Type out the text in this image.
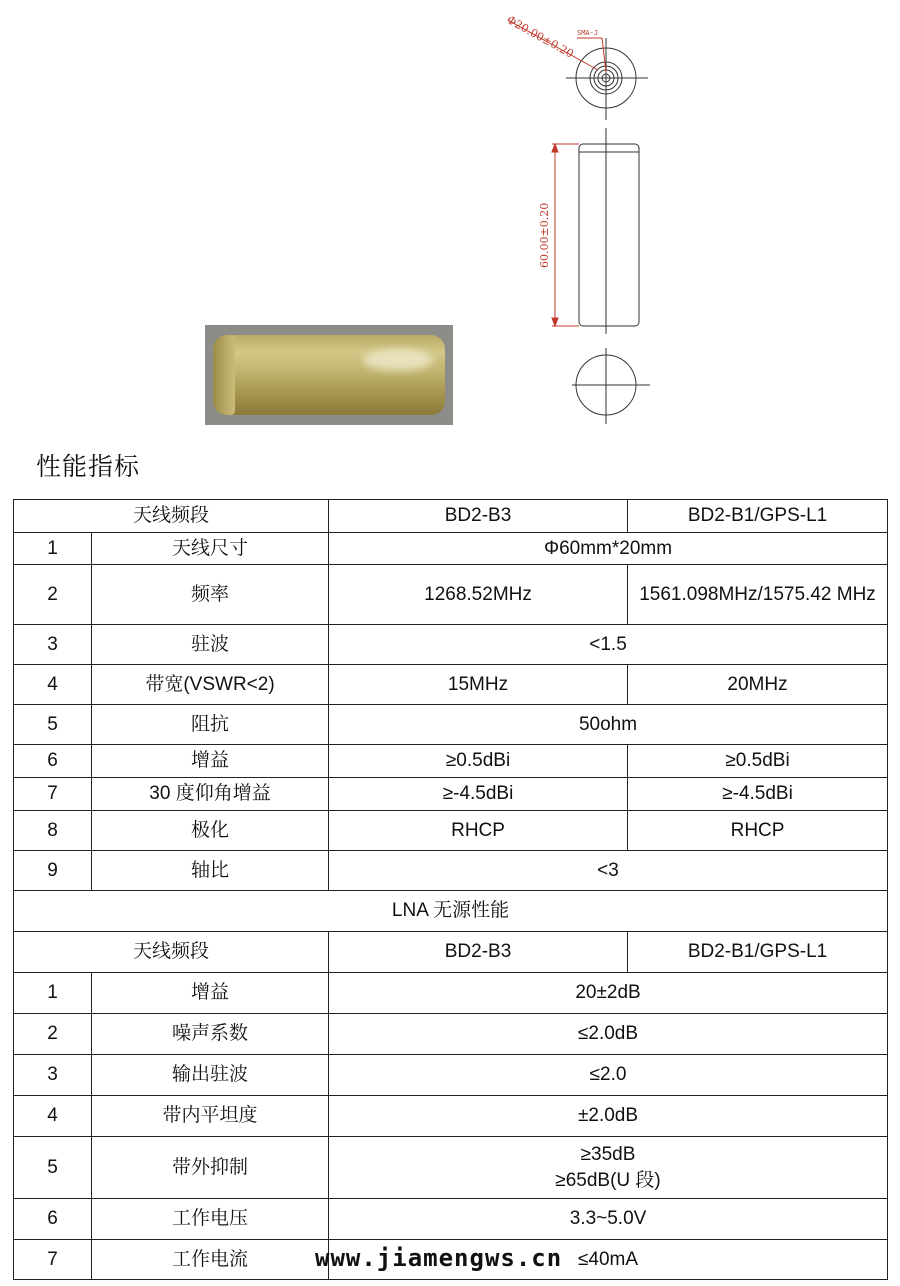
Φ20.00±0.20 SMA-J
60.00±0.20
性能指标
天线频段		BD2-B3	BD2-B1/GPS-L1
1	天线尺寸	Φ60mm*20mm	
2	频率	1268.52MHz	1561.098MHz/1575.42 MHz
3	驻波	<1.5	
4	带宽(VSWR<2)	15MHz	20MHz
5	阻抗	50ohm	
6	增益	≥0.5dBi	≥0.5dBi
7	30 度仰角增益	≥-4.5dBi	≥-4.5dBi
8	极化	RHCP	RHCP
9	轴比	<3	
LNA 无源性能			
天线频段		BD2-B3	BD2-B1/GPS-L1
1	增益	20±2dB	
2	噪声系数	≤2.0dB	
3	输出驻波	≤2.0	
4	带内平坦度	±2.0dB	
5	带外抑制	≥35dB
≥65dB(U 段)	

6	工作电压	3.3~5.0V	
7	工作电流	≤40mA	
www.jiamengws.cn
